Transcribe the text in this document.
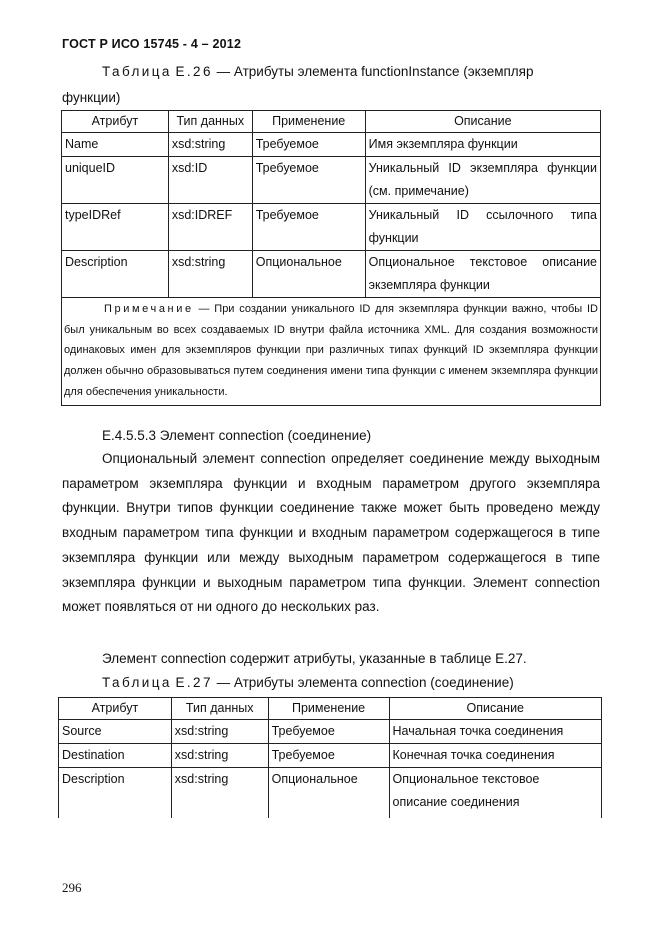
ГОСТ Р ИСО 15745 - 4 – 2012
Таблица Е.26 — Атрибуты элемента functionInstance (экземпляр
функции)
Атрибут	Тип данных	Применение	Описание
Name	xsd:string	Требуемое	Имя экземпляра функции

uniqueID	xsd:ID	Требуемое	Уникальный ID экземпляра функции
(см. примечание)

typeIDRef	xsd:IDREF	Требуемое	Уникальный ID ссылочного типа
функции

Description	xsd:string	Опциональное	Опциональное текстовое описание
экземпляра функции

Примечание — При создании уникального ID для экземпляра функции важно, чтобы ID был уникальным во всех создаваемых ID внутри файла источника XML. Для создания возможности одинаковых имен для экземпляров функции при различных типах функций ID экземпляра функции должен обычно образовываться путем соединения имени типа функции с именем экземпляра функции для обеспечения уникальности.			
Е.4.5.5.3 Элемент connection (соединение)

Опциональный элемент connection определяет соединение между выходным параметром экземпляра функции и входным параметром другого экземпляра функции. Внутри типов функции соединение также может быть проведено между входным параметром типа функции и входным параметром содержащегося в типе экземпляра функции или между выходным параметром содержащегося в типе экземпляра функции и выходным параметром типа функции. Элемент connection может появляться от ни одного до нескольких раз.

Элемент connection содержит атрибуты, указанные в таблице Е.27.
Таблица Е.27 — Атрибуты элемента connection (соединение)
Атрибут	Тип данных	Применение	Описание
Source	xsd:string	Требуемое	Начальная точка соединения

Destination	xsd:string	Требуемое	Конечная точка соединения

Description	xsd:string	Опциональное	Опциональное текстовое
описание соединения
296
